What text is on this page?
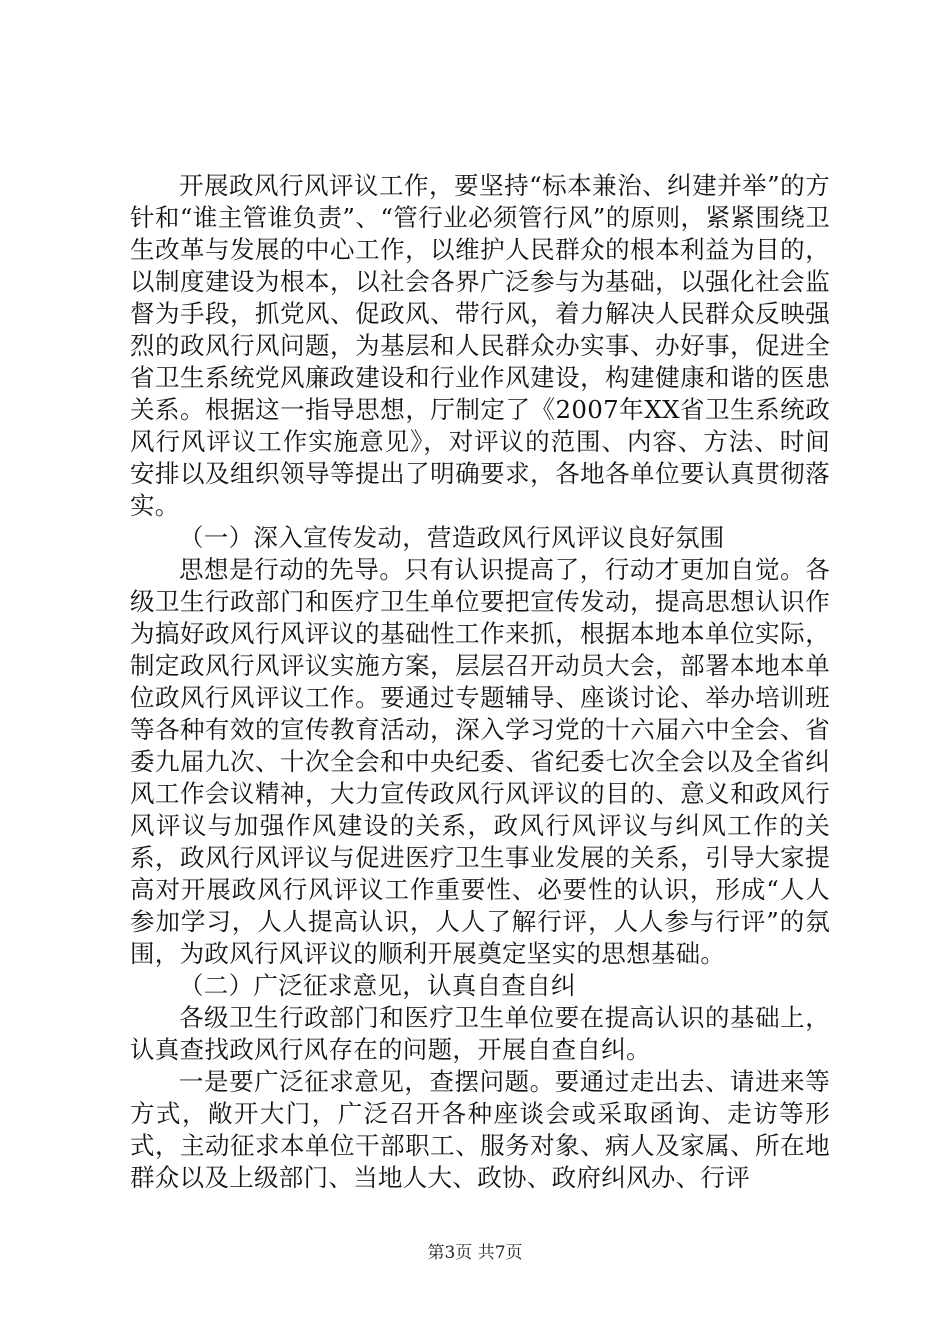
开展政风行风评议工作，要坚持“标本兼治、纠建并举”的方针和“谁主管谁负责”、“管行业必须管行风”的原则，紧紧围绕卫生改革与发展的中心工作，以维护人民群众的根本利益为目的，以制度建设为根本，以社会各界广泛参与为基础，以强化社会监督为手段，抓党风、促政风、带行风，着力解决人民群众反映强烈的政风行风问题，为基层和人民群众办实事、办好事，促进全省卫生系统党风廉政建设和行业作风建设，构建健康和谐的医患关系。根据这一指导思想，厅制定了《2007年XX省卫生系统政风行风评议工作实施意见》，对评议的范围、内容、方法、时间安排以及组织领导等提出了明确要求，各地各单位要认真贯彻落实。

（一）深入宣传发动，营造政风行风评议良好氛围

思想是行动的先导。只有认识提高了，行动才更加自觉。各级卫生行政部门和医疗卫生单位要把宣传发动，提高思想认识作为搞好政风行风评议的基础性工作来抓，根据本地本单位实际，制定政风行风评议实施方案，层层召开动员大会，部署本地本单位政风行风评议工作。要通过专题辅导、座谈讨论、举办培训班等各种有效的宣传教育活动，深入学习党的十六届六中全会、省委九届九次、十次全会和中央纪委、省纪委七次全会以及全省纠风工作会议精神，大力宣传政风行风评议的目的、意义和政风行风评议与加强作风建设的关系，政风行风评议与纠风工作的关系，政风行风评议与促进医疗卫生事业发展的关系，引导大家提高对开展政风行风评议工作重要性、必要性的认识，形成“人人参加学习，人人提高认识，人人了解行评，人人参与行评”的氛围，为政风行风评议的顺利开展奠定坚实的思想基础。

（二）广泛征求意见，认真自查自纠

各级卫生行政部门和医疗卫生单位要在提高认识的基础上，认真查找政风行风存在的问题，开展自查自纠。

一是要广泛征求意见，查摆问题。要通过走出去、请进来等方式，敞开大门，广泛召开各种座谈会或采取函询、走访等形式，主动征求本单位干部职工、服务对象、病人及家属、所在地群众以及上级部门、当地人大、政协、政府纠风办、行评

第3页 共7页
